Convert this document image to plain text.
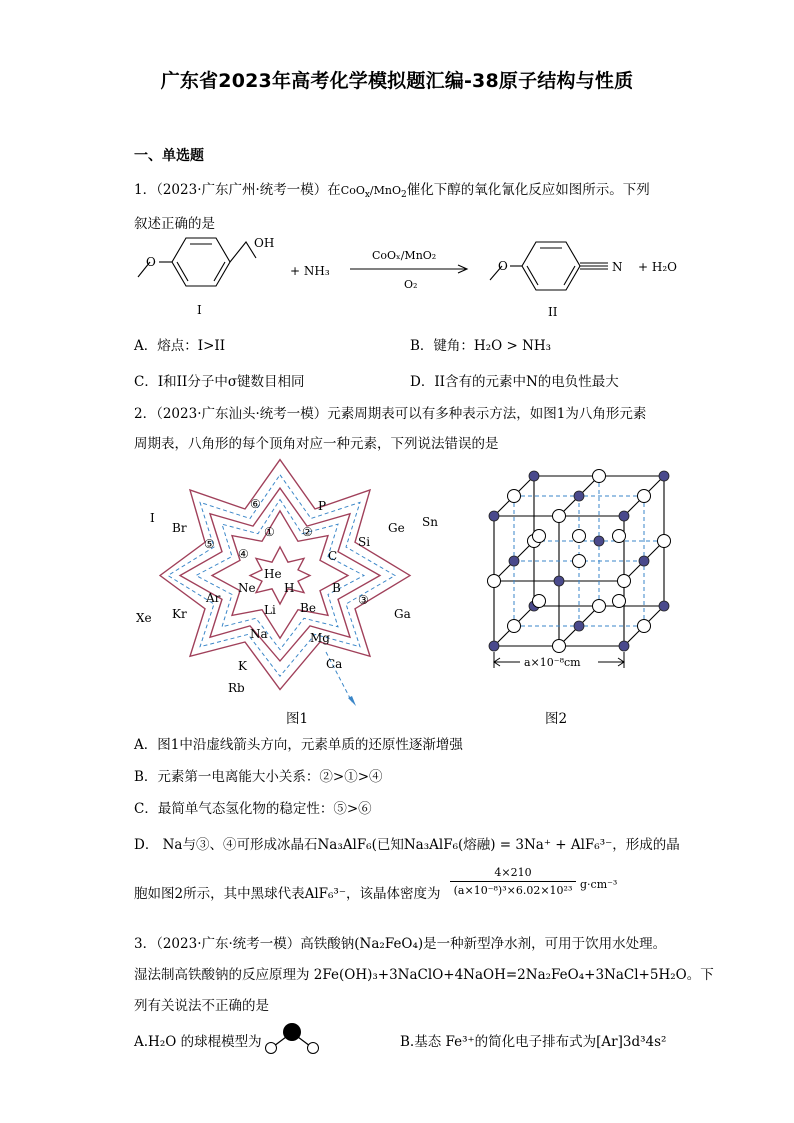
广东省2023年高考化学模拟题汇编-38原子结构与性质
一、单选题
1．（2023·广东广州·统考一模）在CoO$_x$/MnO$_2$催化下醇的氧化氰化反应如图所示。下列
叙述正确的是
O
OH
+ NH₃
CoOₓ/MnO₂
O₂
O	N + H₂O
I	II
A．熔点：I>II	B．键角：H₂O > NH₃
C．I和II分子中σ键数目相同	D．II含有的元素中N的电负性最大
2．（2023·广东汕头·统考一模）元素周期表可以有多种表示方法，如图1为八角形元素
周期表，八角形的每个顶角对应一种元素，下列说法错误的是
I
Br
P
Ge Sn
Si
C
He
H
Ne
Ar
B
Be
Li
Xe Kr	Ga
Na	Mg
K	Ca
Rb
① ②
③
④
⑤
⑥
a×10⁻⁸cm
图1	图2
A．图1中沿虚线箭头方向，元素单质的还原性逐渐增强
B．元素第一电离能大小关系：②>①>④
C．最简单气态氢化物的稳定性：⑤>⑥
D． Na与③、④可形成冰晶石Na₃AlF₆(已知Na₃AlF₆(熔融) = 3Na⁺ + AlF₆³⁻，形成的晶
胞如图2所示，其中黑球代表AlF₆³⁻，该晶体密度为 $\frac{4\times 210}{\text{(a×10⁻⁸)³×6.02×10²³}} g\cdot cm^{-3}$
3．（2023·广东·统考一模）高铁酸钠(Na₂FeO₄)是一种新型净水剂，可用于饮用水处理。
湿法制高铁酸钠的反应原理为 2Fe(OH)₃+3NaClO+4NaOH=2Na₂FeO₄+3NaCl+5H₂O。下
列有关说法不正确的是
A.H₂O 的球棍模型为	B.基态 Fe³⁺的简化电子排布式为[Ar]3d³4s²
